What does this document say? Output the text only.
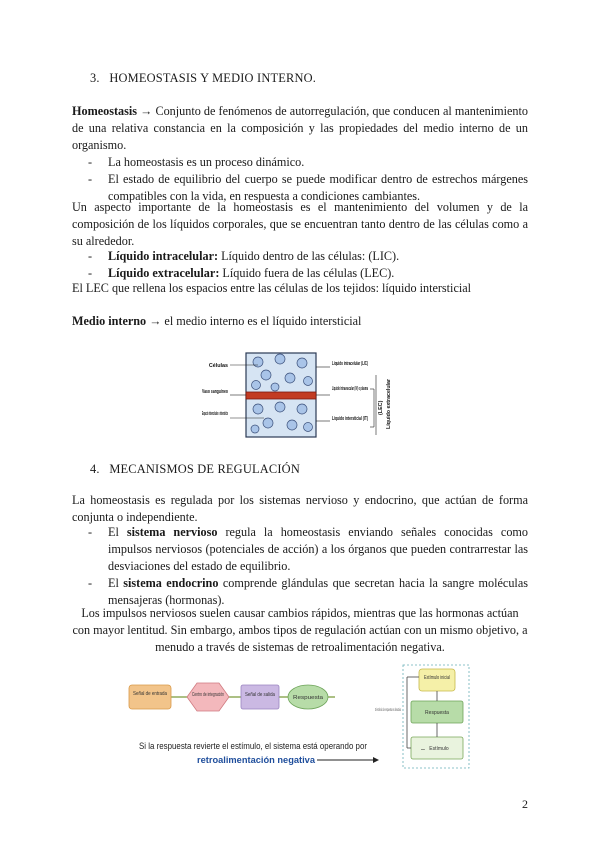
3. HOMEOSTASIS Y MEDIO INTERNO.
Homeostasis → Conjunto de fenómenos de autorregulación, que conducen al mantenimiento de una relativa constancia en la composición y las propiedades del medio interno de un organismo.
- La homeostasis es un proceso dinámico.
- El estado de equilibrio del cuerpo se puede modificar dentro de estrechos márgenes compatibles con la vida, en respuesta a condiciones cambiantes.
Un aspecto importante de la homeostasis es el mantenimiento del volumen y de la composición de los líquidos corporales, que se encuentran tanto dentro de las células como a su alrededor.
- Líquido intracelular: Líquido dentro de las células: (LIC).
- Líquido extracelular: Líquido fuera de las células (LEC).
El LEC que rellena los espacios entre las células de los tejidos: líquido intersticial
Medio interno → el medio interno es el líquido intersticial
Células
Vaso sanguíneo
Espacio intercelular o intersticio
Líquido intracelular (LIC)
Líquido intravascular (IV) o plasma
Líquido intersticial (IT)
(LEC) Líquido extracelular
4. MECANISMOS DE REGULACIÓN
La homeostasis es regulada por los sistemas nervioso y endocrino, que actúan de forma conjunta o independiente.
- El sistema nervioso regula la homeostasis enviando señales conocidas como impulsos nerviosos (potenciales de acción) a los órganos que pueden contrarrestar las desviaciones del estado de equilibrio.
- El sistema endocrino comprende glándulas que secretan hacia la sangre moléculas mensajeras (hormonas).
Los impulsos nerviosos suelen causar cambios rápidos, mientras que las hormonas actúan con mayor lentitud. Sin embargo, ambos tipos de regulación actúan con un mismo objetivo, a menudo a través de sistemas de retroalimentación negativa.
Señal de entrada	Centro de integración	Señal de salida	Respuesta
Si la respuesta revierte el estímulo, el sistema está operando por
retroalimentación negativa
Estímulo inicial
Respuesta
Estímulo
–
El estímulo de respuesta es desactiva
2
